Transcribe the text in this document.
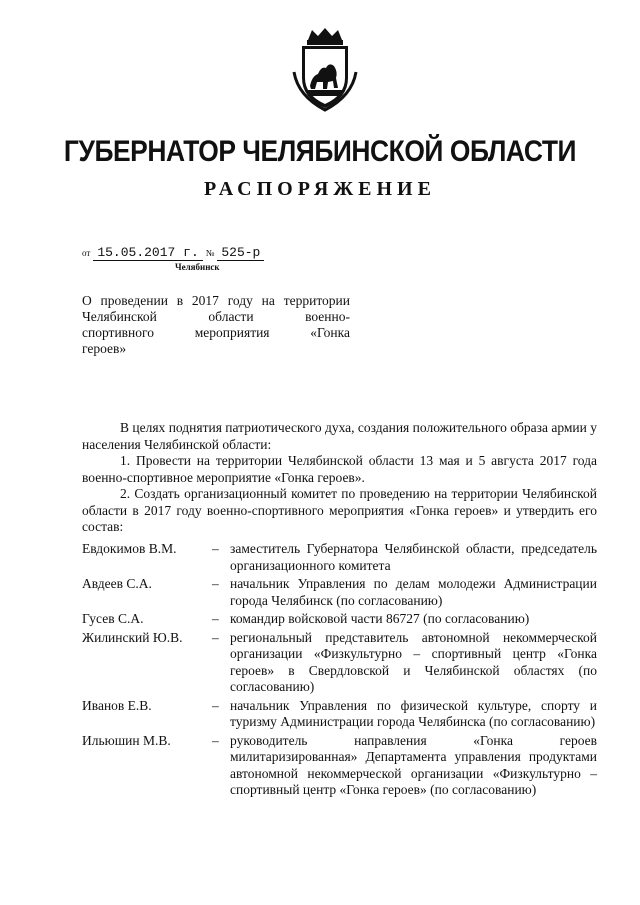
ГУБЕРНАТОР ЧЕЛЯБИНСКОЙ ОБЛАСТИ
РАСПОРЯЖЕНИЕ
от 15.05.2017 г. № 525-р
Челябинск
О проведении в 2017 году на территории
Челябинской области военно-
спортивного мероприятия «Гонка
героев»

В целях поднятия патриотического духа, создания положительного образа армии у населения Челябинской области:

1. Провести на территории Челябинской области 13 мая и 5 августа 2017 года военно-спортивное мероприятие «Гонка героев».

2. Создать организационный комитет по проведению на территории Челябинской области в 2017 году военно-спортивного мероприятия «Гонка героев» и утвердить его состав:

Евдокимов В.М.	– заместитель Губернатора Челябинской области, председатель организационного комитета
Авдеев С.А.	– начальник Управления по делам молодежи Администрации города Челябинск (по согласованию)
Гусев С.А.	– командир войсковой части 86727 (по согласованию)
Жилинский Ю.В.	– региональный представитель автономной некоммерческой организации «Физкультурно – спортивный центр «Гонка героев» в Свердловской и Челябинской областях (по согласованию)
Иванов Е.В.	– начальник Управления по физической культуре, спорту и туризму Администрации города Челябинска (по согласованию)
Ильюшин М.В.	– руководитель направления «Гонка героев милитаризированная» Департамента управления продуктами автономной некоммерческой организации «Физкультурно – спортивный центр «Гонка героев» (по согласованию)
